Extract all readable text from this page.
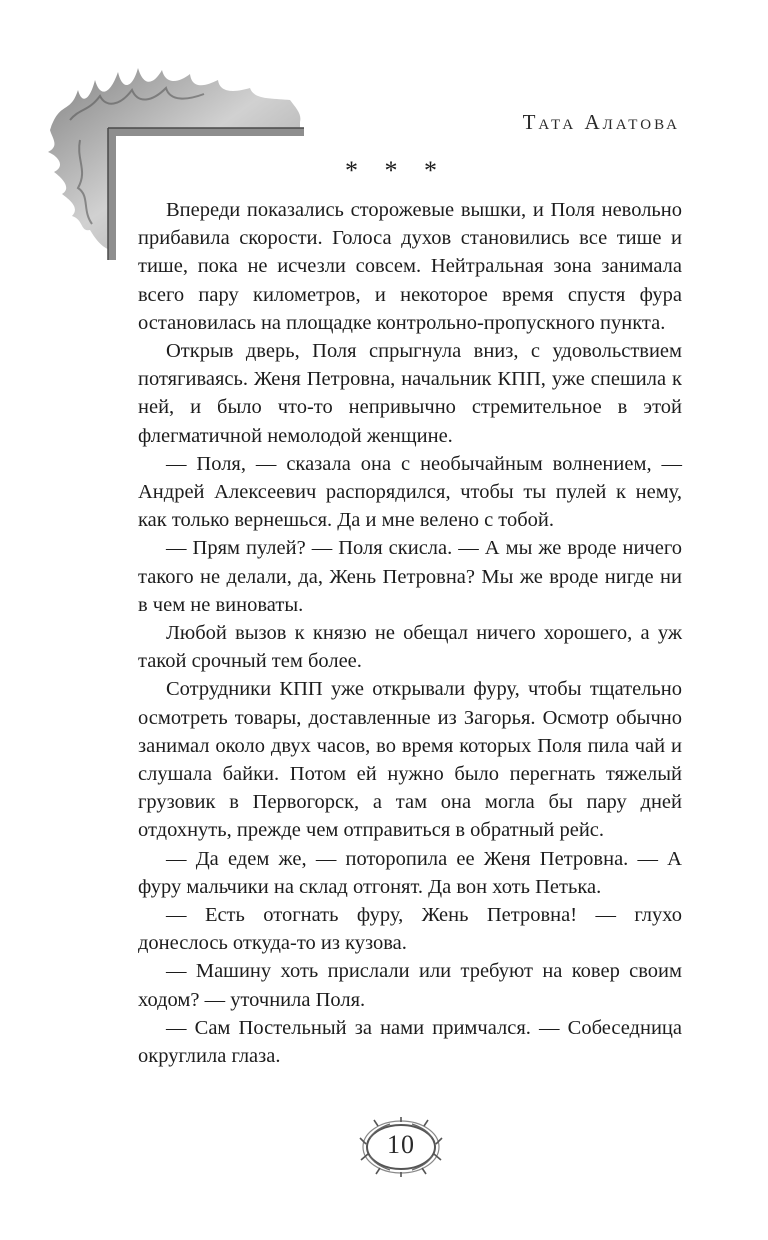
Тата Алатова
* * *

Впереди показались сторожевые вышки, и Поля невольно прибавила скорости. Голоса духов становились все тише и тише, пока не исчезли совсем. Нейтральная зона занимала всего пару километров, и некоторое время спустя фура остановилась на площадке контрольно-пропускного пункта.

Открыв дверь, Поля спрыгнула вниз, с удовольствием потягиваясь. Женя Петровна, начальник КПП, уже спешила к ней, и было что-то непривычно стремительное в этой флегматичной немолодой женщине.

— Поля, — сказала она с необычайным волнением, — Андрей Алексеевич распорядился, чтобы ты пулей к нему, как только вернешься. Да и мне велено с тобой.

— Прям пулей? — Поля скисла. — А мы же вроде ничего такого не делали, да, Жень Петровна? Мы же вроде нигде ни в чем не виноваты.

Любой вызов к князю не обещал ничего хорошего, а уж такой срочный тем более.

Сотрудники КПП уже открывали фуру, чтобы тщательно осмотреть товары, доставленные из Загорья. Осмотр обычно занимал около двух часов, во время которых Поля пила чай и слушала байки. Потом ей нужно было перегнать тяжелый грузовик в Первогорск, а там она могла бы пару дней отдохнуть, прежде чем отправиться в обратный рейс.

— Да едем же, — поторопила ее Женя Петровна. — А фуру мальчики на склад отгонят. Да вон хоть Петька.

— Есть отогнать фуру, Жень Петровна! — глухо донеслось откуда-то из кузова.

— Машину хоть прислали или требуют на ковер своим ходом? — уточнила Поля.

— Сам Постельный за нами примчался. — Собеседница округлила глаза.

10
